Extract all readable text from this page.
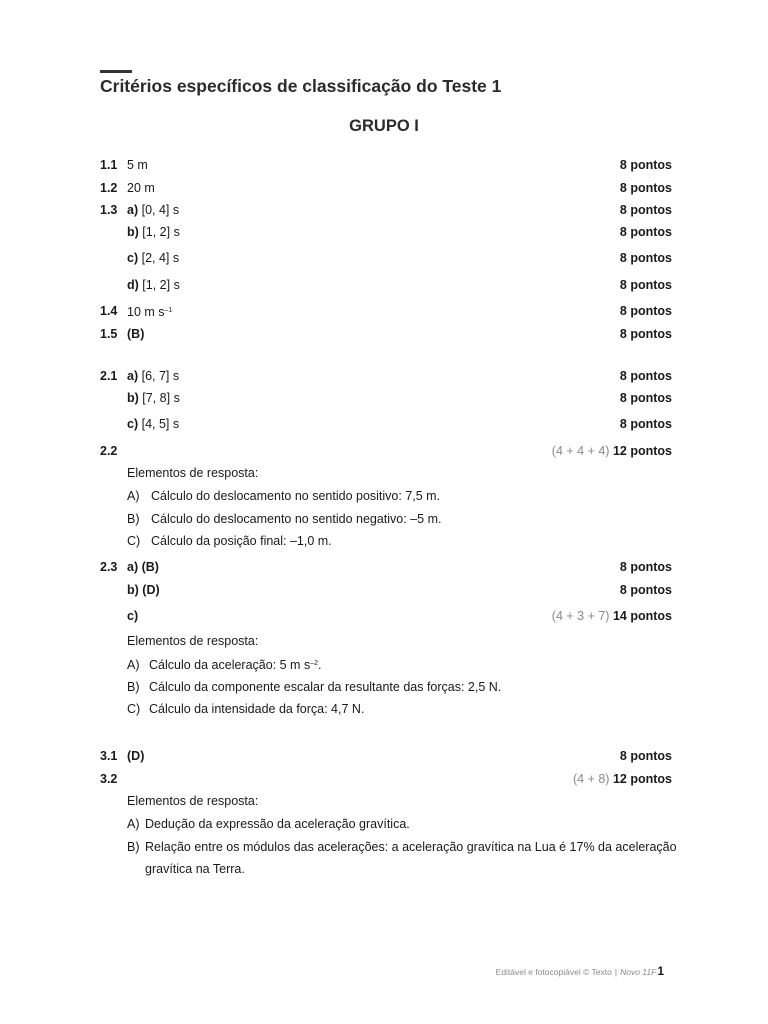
Critérios específicos de classificação do Teste 1
GRUPO I
1.1 5 m	8 pontos
1.2 20 m	8 pontos
1.3 a) [0, 4] s	8 pontos
b) [1, 2] s	8 pontos
c) [2, 4] s	8 pontos
d) [1, 2] s	8 pontos
1.4 10 m $s^{-1}$	8 pontos
1.5 (B)	8 pontos
2.1 a) [6, 7] s	8 pontos
b) [7, 8] s	8 pontos
c) [4, 5] s	8 pontos
2.2	(4 + 4 + 4) 12 pontos
Elementos de resposta:
A) Cálculo do deslocamento no sentido positivo: 7,5 m.
B) Cálculo do deslocamento no sentido negativo: –5 m.
C) Cálculo da posição final: –1,0 m.
2.3 a) (B)	8 pontos
b) (D)	8 pontos
c)	(4 + 3 + 7) 14 pontos
Elementos de resposta:
A) Cálculo da aceleração: 5 m $s^{-2}$.
B) Cálculo da componente escalar da resultante das forças: 2,5 N.
C) Cálculo da intensidade da força: 4,7 N.
3.1 (D)	8 pontos
3.2	(4 + 8) 12 pontos
Elementos de resposta:
A) Dedução da expressão da aceleração gravítica.
B) Relação entre os módulos das acelerações: a aceleração gravítica na Lua é 17% da aceleração
gravítica na Terra.
Editável e fotocopiável © Texto | Novo 11F1
